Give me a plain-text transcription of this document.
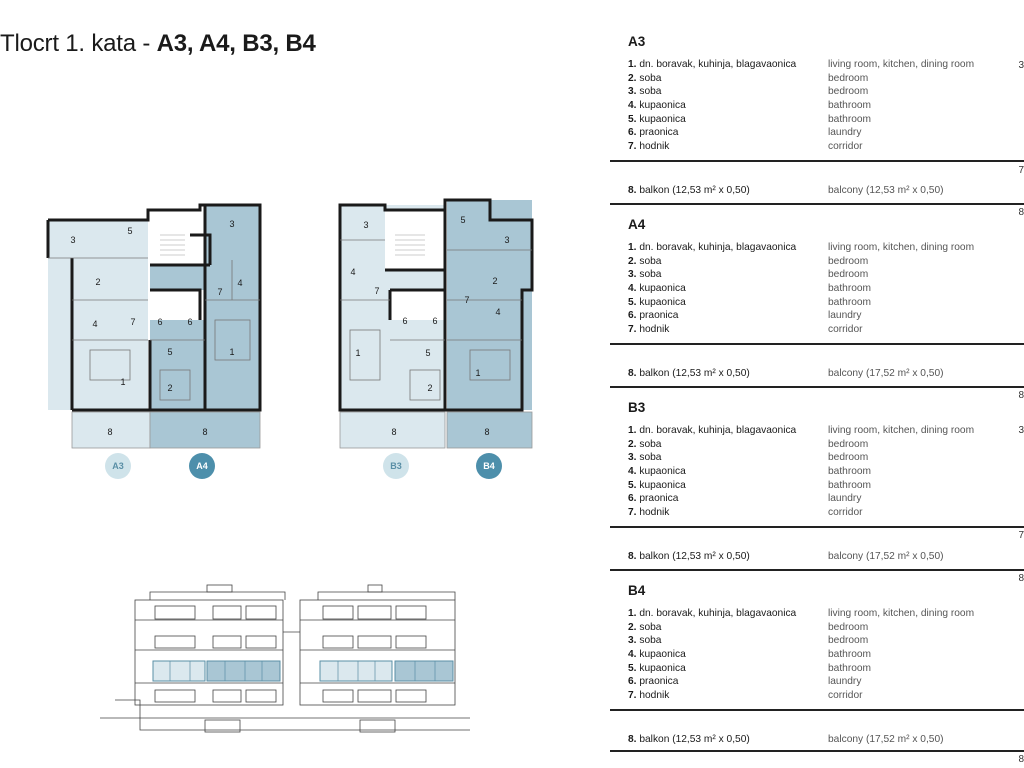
Tlocrt 1. kata - A3, A4, B3, B4
3
5
3
2
7
4
4	7 6	6
5
1
1
2
8	8
3
3
5
4
7
2
7
6	6
4
1	5
1
2
8	8
A3	A4	B3	B4
3
7
8
8
3
7
8
8
A3
1. dn. boravak, kuhinja, blagavaonica	living room, kitchen, dining room
2. soba	bedroom
3. soba	bedroom
4. kupaonica	bathroom
5. kupaonica	bathroom
6. praonica	laundry
7. hodnik	corridor
8. balkon (12,53 m² x 0,50)	balcony (12,53 m² x 0,50)
A4
1. dn. boravak, kuhinja, blagavaonica	living room, kitchen, dining room
2. soba	bedroom
3. soba	bedroom
4. kupaonica	bathroom
5. kupaonica	bathroom
6. praonica	laundry
7. hodnik	corridor
8. balkon (12,53 m² x 0,50)	balcony (17,52 m² x 0,50)
B3
1. dn. boravak, kuhinja, blagavaonica	living room, kitchen, dining room
2. soba	bedroom
3. soba	bedroom
4. kupaonica	bathroom
5. kupaonica	bathroom
6. praonica	laundry
7. hodnik	corridor
8. balkon (12,53 m² x 0,50)	balcony (17,52 m² x 0,50)
B4
1. dn. boravak, kuhinja, blagavaonica	living room, kitchen, dining room
2. soba	bedroom
3. soba	bedroom
4. kupaonica	bathroom
5. kupaonica	bathroom
6. praonica	laundry
7. hodnik	corridor
8. balkon (12,53 m² x 0,50)	balcony (17,52 m² x 0,50)
